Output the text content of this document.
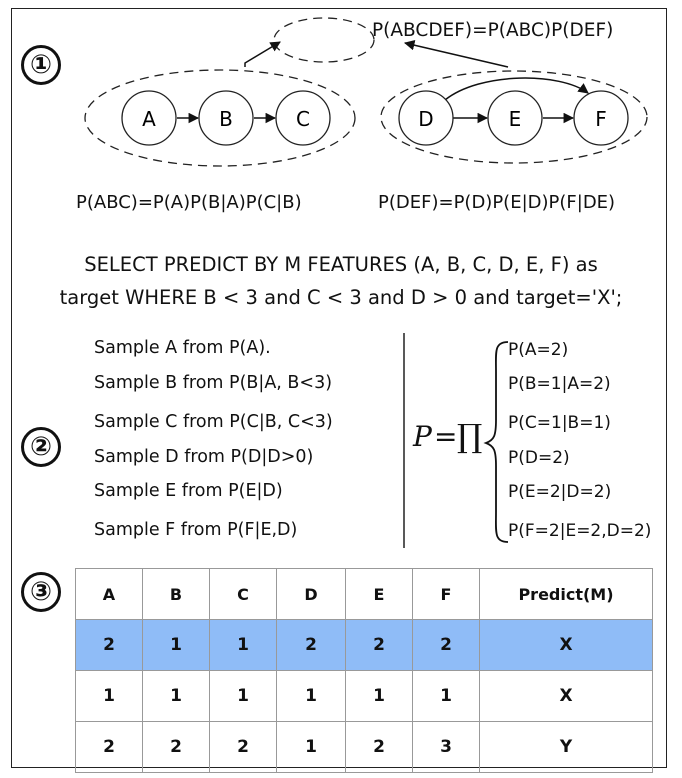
A	B	C	D	E	F
①
②
③
P(ABCDEF)=P(ABC)P(DEF)
P(ABC)=P(A)P(B|A)P(C|B)	P(DEF)=P(D)P(E|D)P(F|DE)
SELECT PREDICT BY M FEATURES (A, B, C, D, E, F) as
target WHERE B < 3 and C < 3 and D > 0 and target='X';
Sample A from P(A).
Sample B from P(B|A, B<3)
Sample C from P(C|B, C<3)
Sample D from P(D|D>0)
Sample E from P(E|D)
Sample F from P(F|E,D)
P = ∏
P(A=2)
P(B=1|A=2)
P(C=1|B=1)
P(D=2)
P(E=2|D=2)
P(F=2|E=2,D=2)
A	B	C	D	E	F	Predict(M)
2	1	1	2	2	2	X
1	1	1	1	1	1	X
2	2	2	1	2	3	Y
